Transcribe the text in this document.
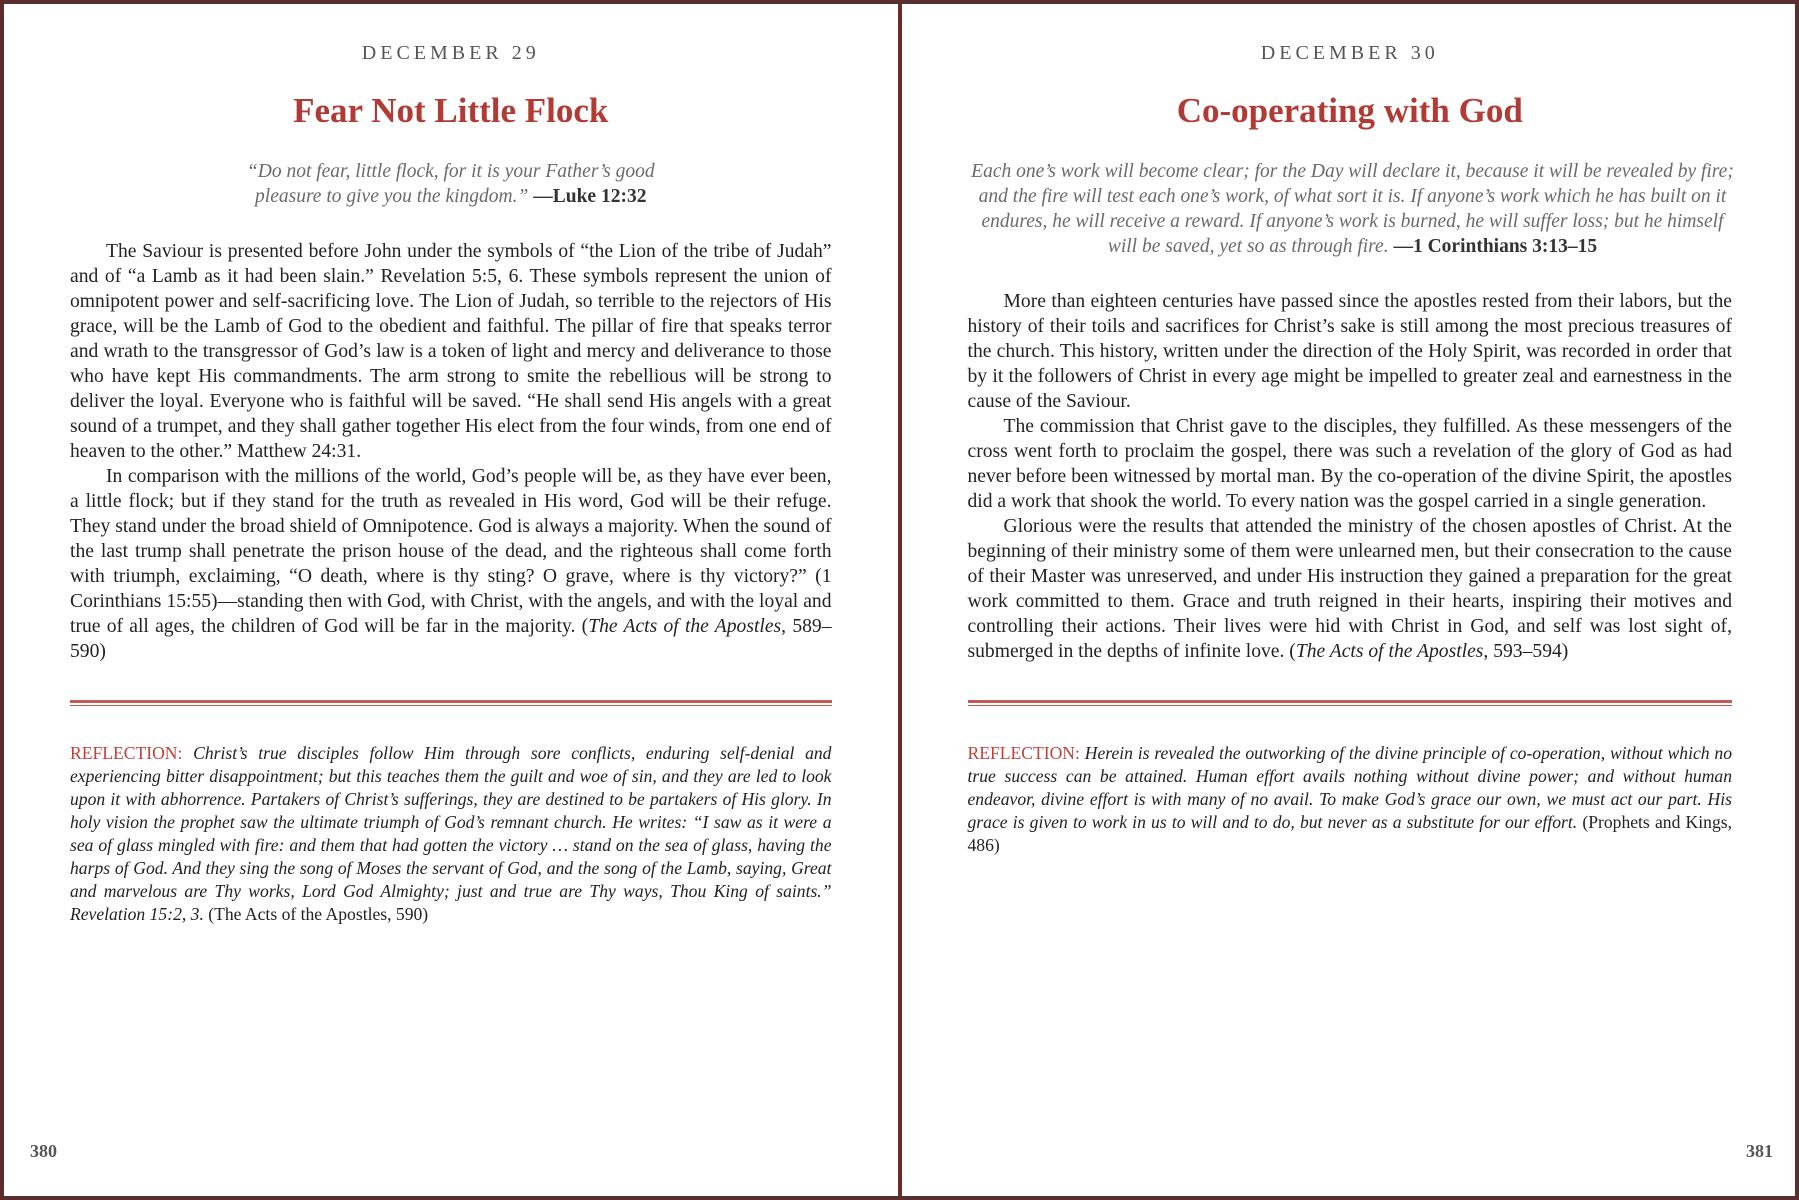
DECEMBER 29
Fear Not Little Flock
“Do not fear, little flock, for it is your Father’s good pleasure to give you the kingdom.” —Luke 12:32

The Saviour is presented before John under the symbols of “the Lion of the tribe of Judah” and of “a Lamb as it had been slain.” Revelation 5:5, 6. These symbols represent the union of omnipotent power and self-sacrificing love. The Lion of Judah, so terrible to the rejectors of His grace, will be the Lamb of God to the obedient and faithful. The pillar of fire that speaks terror and wrath to the transgressor of God’s law is a token of light and mercy and deliverance to those who have kept His commandments. The arm strong to smite the rebellious will be strong to deliver the loyal. Everyone who is faithful will be saved. “He shall send His angels with a great sound of a trumpet, and they shall gather together His elect from the four winds, from one end of heaven to the other.” Matthew 24:31.

In comparison with the millions of the world, God’s people will be, as they have ever been, a little flock; but if they stand for the truth as revealed in His word, God will be their refuge. They stand under the broad shield of Omnipotence. God is always a majority. When the sound of the last trump shall penetrate the prison house of the dead, and the righteous shall come forth with triumph, exclaiming, “O death, where is thy sting? O grave, where is thy victory?” (1 Corinthians 15:55)—standing then with God, with Christ, with the angels, and with the loyal and true of all ages, the children of God will be far in the majority. (The Acts of the Apostles, 589–590)

REFLECTION: Christ’s true disciples follow Him through sore conflicts, enduring self-denial and experiencing bitter disappointment; but this teaches them the guilt and woe of sin, and they are led to look upon it with abhorrence. Partakers of Christ’s sufferings, they are destined to be partakers of His glory. In holy vision the prophet saw the ultimate triumph of God’s remnant church. He writes: “I saw as it were a sea of glass mingled with fire: and them that had gotten the victory … stand on the sea of glass, having the harps of God. And they sing the song of Moses the servant of God, and the song of the Lamb, saying, Great and marvelous are Thy works, Lord God Almighty; just and true are Thy ways, Thou King of saints.” Revelation 15:2, 3. (The Acts of the Apostles, 590)
380
DECEMBER 30
Co-operating with God
Each one’s work will become clear; for the Day will declare it, because it will be revealed by fire; and the fire will test each one’s work, of what sort it is. If anyone’s work which he has built on it endures, he will receive a reward. If anyone’s work is burned, he will suffer loss; but he himself will be saved, yet so as through fire. —1 Corinthians 3:13–15

More than eighteen centuries have passed since the apostles rested from their labors, but the history of their toils and sacrifices for Christ’s sake is still among the most precious treasures of the church. This history, written under the direction of the Holy Spirit, was recorded in order that by it the followers of Christ in every age might be impelled to greater zeal and earnestness in the cause of the Saviour.

The commission that Christ gave to the disciples, they fulfilled. As these messengers of the cross went forth to proclaim the gospel, there was such a revelation of the glory of God as had never before been witnessed by mortal man. By the co-operation of the divine Spirit, the apostles did a work that shook the world. To every nation was the gospel carried in a single generation.

Glorious were the results that attended the ministry of the chosen apostles of Christ. At the beginning of their ministry some of them were unlearned men, but their consecration to the cause of their Master was unreserved, and under His instruction they gained a preparation for the great work committed to them. Grace and truth reigned in their hearts, inspiring their motives and controlling their actions. Their lives were hid with Christ in God, and self was lost sight of, submerged in the depths of infinite love. (The Acts of the Apostles, 593–594)

REFLECTION: Herein is revealed the outworking of the divine principle of co-operation, without which no true success can be attained. Human effort avails nothing without divine power; and without human endeavor, divine effort is with many of no avail. To make God’s grace our own, we must act our part. His grace is given to work in us to will and to do, but never as a substitute for our effort. (Prophets and Kings, 486)
381
